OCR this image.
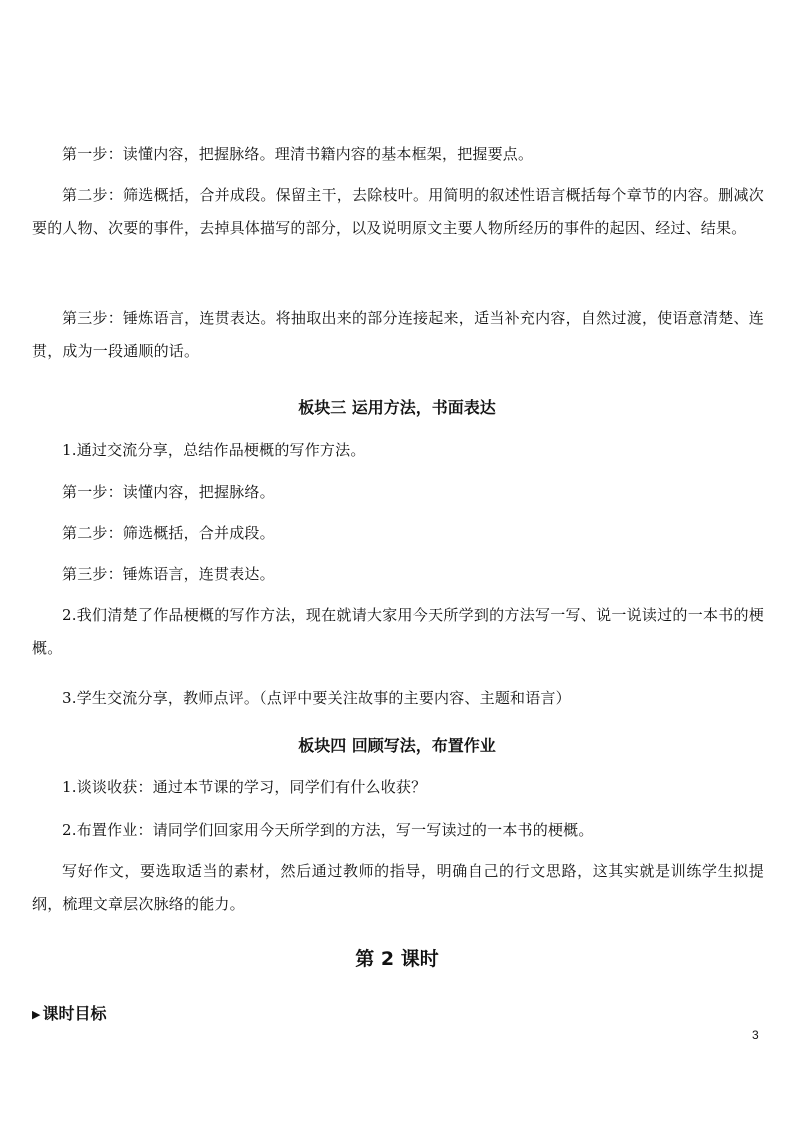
第一步：读懂内容，把握脉络。理清书籍内容的基本框架，把握要点。

第二步：筛选概括，合并成段。保留主干，去除枝叶。用简明的叙述性语言概括每个章节的内容。删减次要的人物、次要的事件，去掉具体描写的部分，以及说明原文主要人物所经历的事件的起因、经过、结果。

第三步：锤炼语言，连贯表达。将抽取出来的部分连接起来，适当补充内容，自然过渡，使语意清楚、连贯，成为一段通顺的话。

板块三 运用方法，书面表达

1.通过交流分享，总结作品梗概的写作方法。

第一步：读懂内容，把握脉络。

第二步：筛选概括，合并成段。

第三步：锤炼语言，连贯表达。

2.我们清楚了作品梗概的写作方法，现在就请大家用今天所学到的方法写一写、说一说读过的一本书的梗概。

3.学生交流分享，教师点评。（点评中要关注故事的主要内容、主题和语言）

板块四 回顾写法，布置作业

1.谈谈收获：通过本节课的学习，同学们有什么收获？

2.布置作业：请同学们回家用今天所学到的方法，写一写读过的一本书的梗概。

写好作文，要选取适当的素材，然后通过教师的指导，明确自己的行文思路，这其实就是训练学生拟提纲，梳理文章层次脉络的能力。

第 2 课时
▶ 课时目标
3
